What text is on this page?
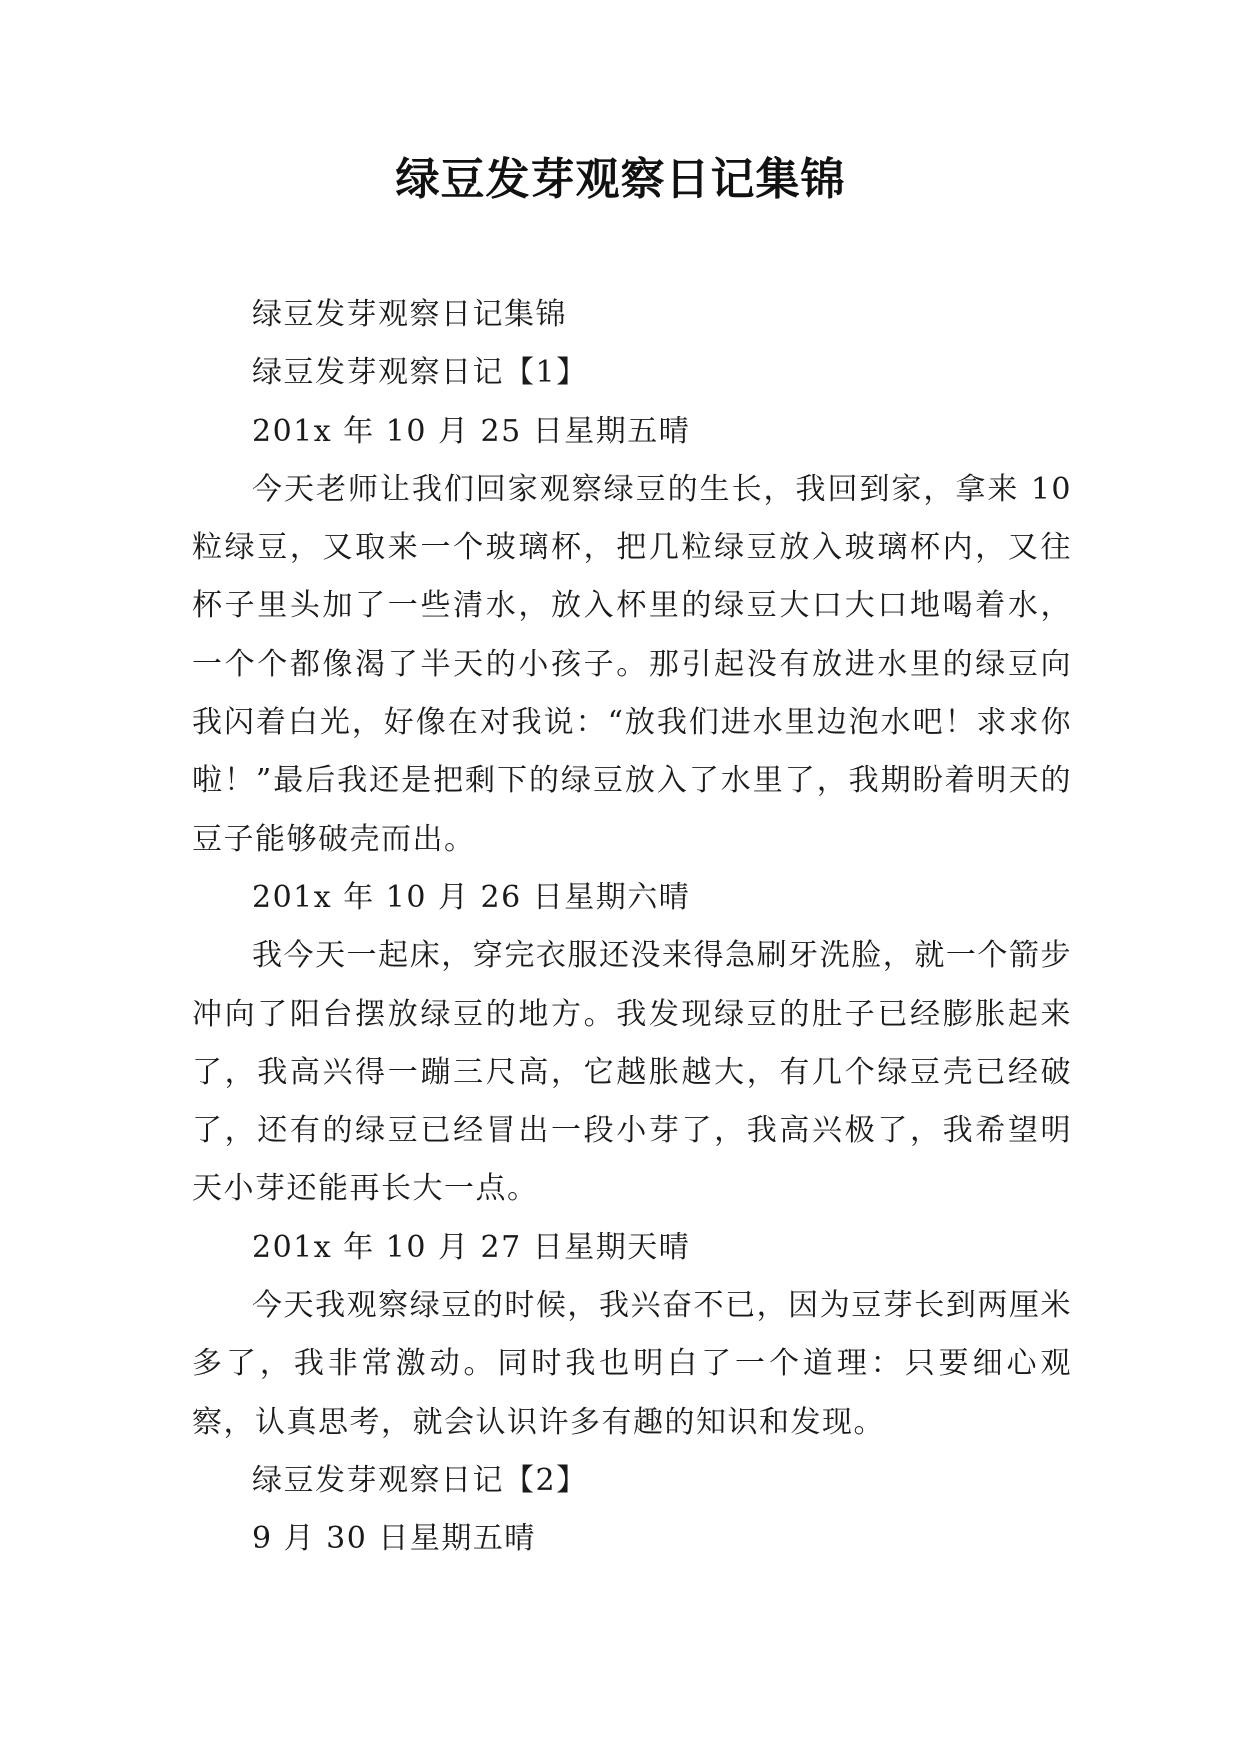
绿豆发芽观察日记集锦

绿豆发芽观察日记集锦

绿豆发芽观察日记【1】

201x 年 10 月 25 日星期五晴

今天老师让我们回家观察绿豆的生长，我回到家，拿来 10 粒绿豆，又取来一个玻璃杯，把几粒绿豆放入玻璃杯内，又往杯子里头加了一些清水，放入杯里的绿豆大口大口地喝着水，一个个都像渴了半天的小孩子。那引起没有放进水里的绿豆向我闪着白光，好像在对我说：“放我们进水里边泡水吧！求求你啦！”最后我还是把剩下的绿豆放入了水里了，我期盼着明天的豆子能够破壳而出。

201x 年 10 月 26 日星期六晴

我今天一起床，穿完衣服还没来得急刷牙洗脸，就一个箭步冲向了阳台摆放绿豆的地方。我发现绿豆的肚子已经膨胀起来了，我高兴得一蹦三尺高，它越胀越大，有几个绿豆壳已经破了，还有的绿豆已经冒出一段小芽了，我高兴极了，我希望明天小芽还能再长大一点。

201x 年 10 月 27 日星期天晴

今天我观察绿豆的时候，我兴奋不已，因为豆芽长到两厘米多了，我非常激动。同时我也明白了一个道理：只要细心观察，认真思考，就会认识许多有趣的知识和发现。

绿豆发芽观察日记【2】

9 月 30 日星期五晴
